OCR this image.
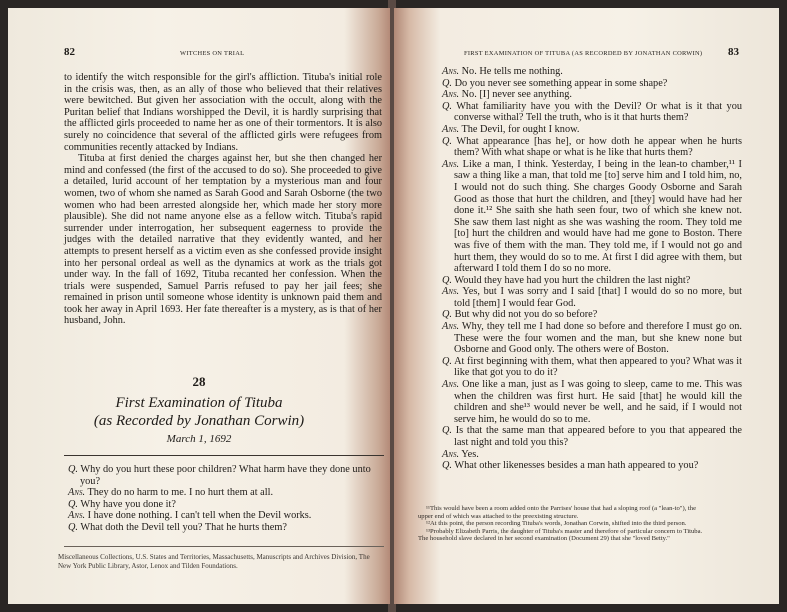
82	WITCHES ON TRIAL

to identify the witch responsible for the girl's affliction. Tituba's initial role in the crisis was, then, as an ally of those who believed that their relatives were bewitched. But given her association with the occult, along with the Puritan belief that Indians worshipped the Devil, it is hardly surprising that the afflicted girls proceeded to name her as one of their tormentors. It is also surely no coincidence that several of the afflicted girls were refugees from communities recently attacked by Indians.

Tituba at first denied the charges against her, but she then changed her mind and confessed (the first of the accused to do so). She proceeded to give a detailed, lurid account of her temptation by a mysterious man and four women, two of whom she named as Sarah Good and Sarah Osborne (the two women who had been arrested alongside her, which made her story more plausible). She did not name anyone else as a fellow witch. Tituba's rapid surrender under interrogation, her subsequent eagerness to provide the judges with the detailed narrative that they evidently wanted, and her attempts to present herself as a victim even as she confessed provide insight into her personal ordeal as well as the dynamics at work as the trials got under way. In the fall of 1692, Tituba recanted her confession. When the trials were suspended, Samuel Parris refused to pay her jail fees; she remained in prison until someone whose identity is unknown paid them and took her away in April 1693. Her fate thereafter is a mystery, as is that of her husband, John.

28
First Examination of Tituba
(as Recorded by Jonathan Corwin)
March 1, 1692

Q. Why do you hurt these poor children? What harm have they done unto you?

Ans. They do no harm to me. I no hurt them at all.

Q. Why have you done it?

Ans. I have done nothing. I can't tell when the Devil works.

Q. What doth the Devil tell you? That he hurts them?

Miscellaneous Collections, U.S. States and Territories, Massachusetts, Manuscripts and Archives Division, The New York Public Library, Astor, Lenox and Tilden Foundations.
FIRST EXAMINATION OF TITUBA (AS RECORDED BY JONATHAN CORWIN) 83

Ans. No. He tells me nothing.

Q. Do you never see something appear in some shape?

Ans. No. [I] never see anything.

Q. What familiarity have you with the Devil? Or what is it that you converse withal? Tell the truth, who is it that hurts them?

Ans. The Devil, for ought I know.

Q. What appearance [has he], or how doth he appear when he hurts them? With what shape or what is he like that hurts them?

Ans. Like a man, I think. Yesterday, I being in the lean-to chamber,¹¹ I saw a thing like a man, that told me [to] serve him and I told him, no, I would not do such thing. She charges Goody Osborne and Sarah Good as those that hurt the children, and [they] would have had her done it.¹² She saith she hath seen four, two of which she knew not. She saw them last night as she was washing the room. They told me [to] hurt the children and would have had me gone to Boston. There was five of them with the man. They told me, if I would not go and hurt them, they would do so to me. At first I did agree with them, but afterward I told them I do so no more.

Q. Would they have had you hurt the children the last night?

Ans. Yes, but I was sorry and I said [that] I would do so no more, but told [them] I would fear God.

Q. But why did not you do so before?

Ans. Why, they tell me I had done so before and therefore I must go on. These were the four women and the man, but she knew none but Osborne and Good only. The others were of Boston.

Q. At first beginning with them, what then appeared to you? What was it like that got you to do it?

Ans. One like a man, just as I was going to sleep, came to me. This was when the children was first hurt. He said [that] he would kill the children and she¹³ would never be well, and he said, if I would not serve him, he would do so to me.

Q. Is that the same man that appeared before to you that appeared the last night and told you this?

Ans. Yes.

Q. What other likenesses besides a man hath appeared to you?

¹¹This would have been a room added onto the Parrises' house that had a sloping roof (a "lean-to"), the upper end of which was attached to the preexisting structure.

¹²At this point, the person recording Tituba's words, Jonathan Corwin, shifted into the third person.

¹³Probably Elizabeth Parris, the daughter of Tituba's master and therefore of particular concern to Tituba. The household slave declared in her second examination (Document 29) that she "loved Betty."
